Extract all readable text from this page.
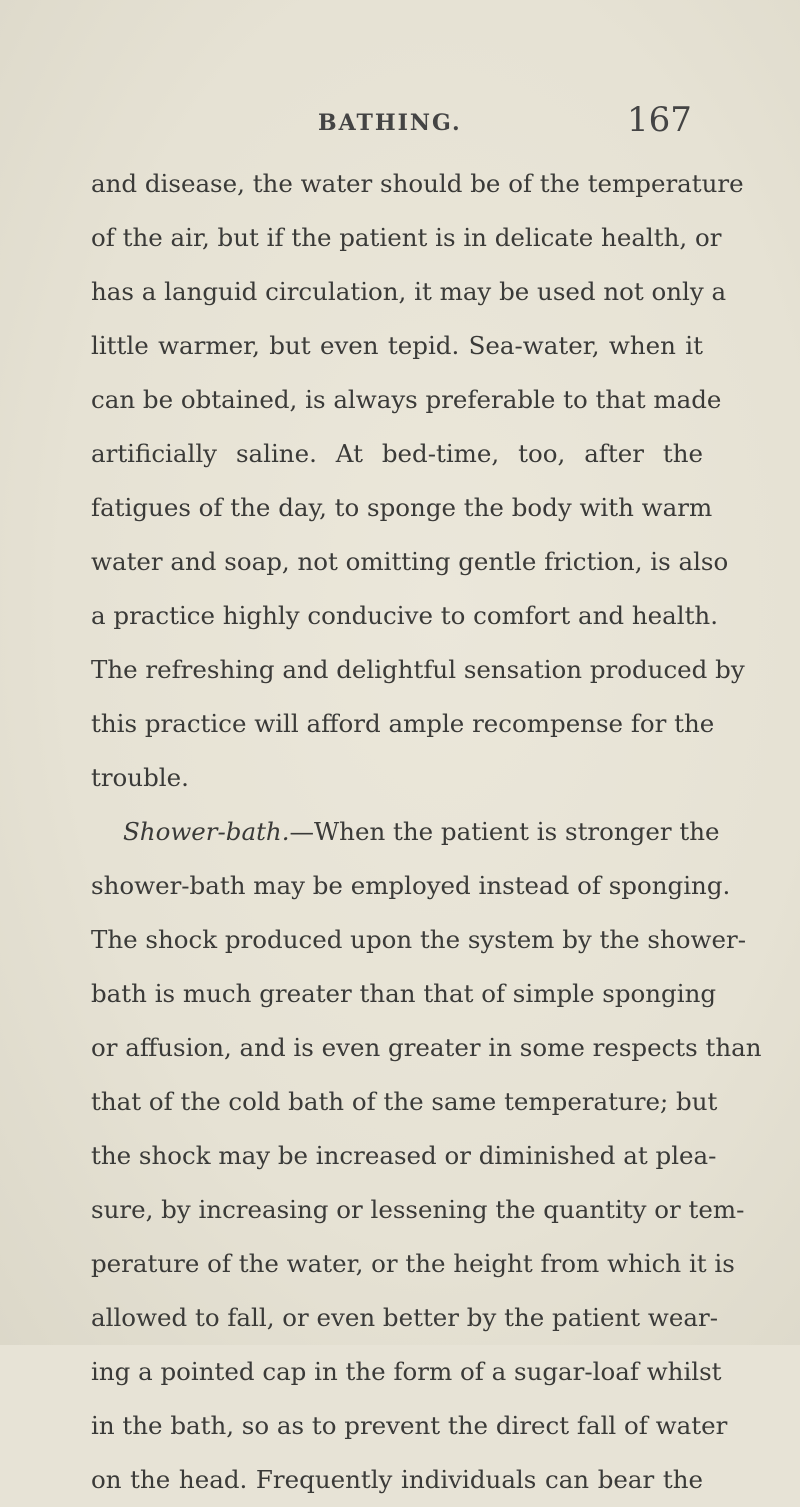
BATHING.	167
and disease, the water should be of the temperature
of the air, but if the patient is in delicate health, or
has a languid circulation, it may be used not only a
little warmer, but even tepid. Sea-water, when it
can be obtained, is always preferable to that made
artificially saline. At bed-time, too, after the
fatigues of the day, to sponge the body with warm
water and soap, not omitting gentle friction, is also
a practice highly conducive to comfort and health.
The refreshing and delightful sensation produced by
this practice will afford ample recompense for the
trouble.
Shower-bath.—When the patient is stronger the
shower-bath may be employed instead of sponging.
The shock produced upon the system by the shower-
bath is much greater than that of simple sponging
or affusion, and is even greater in some respects than
that of the cold bath of the same temperature; but
the shock may be increased or diminished at plea-
sure, by increasing or lessening the quantity or tem-
perature of the water, or the height from which it is
allowed to fall, or even better by the patient wear-
ing a pointed cap in the form of a sugar-loaf whilst
in the bath, so as to prevent the direct fall of water
on the head. Frequently individuals can bear the
